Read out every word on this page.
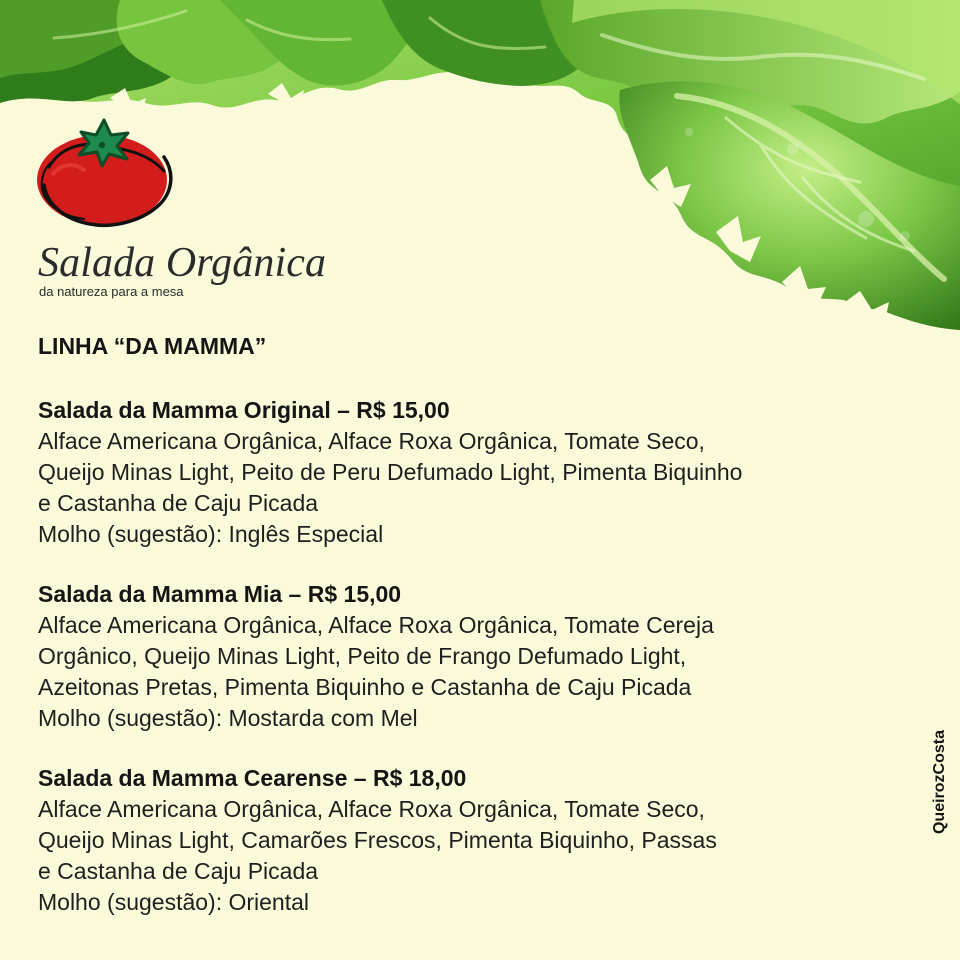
Salada Orgânica
da natureza para a mesa
LINHA “DA MAMMA”
Salada da Mamma Original – R$ 15,00
Alface Americana Orgânica, Alface Roxa Orgânica, Tomate Seco,
Queijo Minas Light, Peito de Peru Defumado Light, Pimenta Biquinho
e Castanha de Caju Picada
Molho (sugestão): Inglês Especial
Salada da Mamma Mia – R$ 15,00
Alface Americana Orgânica, Alface Roxa Orgânica, Tomate Cereja
Orgânico, Queijo Minas Light, Peito de Frango Defumado Light,
Azeitonas Pretas, Pimenta Biquinho e Castanha de Caju Picada
Molho (sugestão): Mostarda com Mel
Salada da Mamma Cearense – R$ 18,00
Alface Americana Orgânica, Alface Roxa Orgânica, Tomate Seco,
Queijo Minas Light, Camarões Frescos, Pimenta Biquinho, Passas
e Castanha de Caju Picada
Molho (sugestão): Oriental
QueirozCosta
